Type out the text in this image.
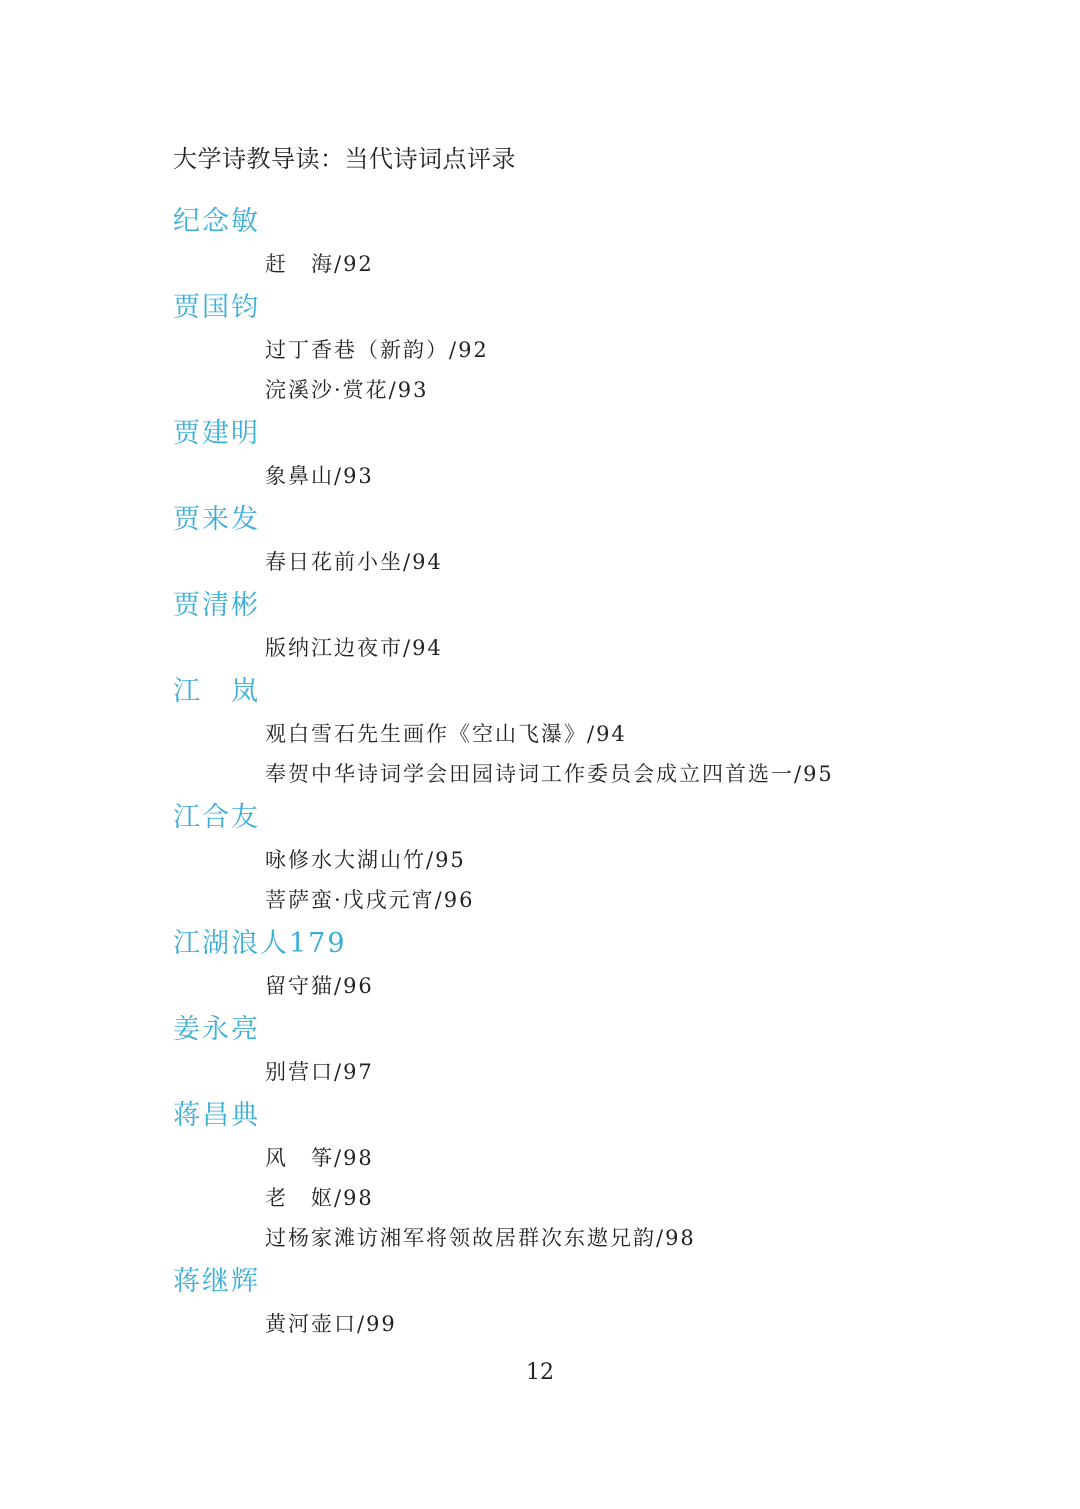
大学诗教导读：当代诗词点评录
纪念敏
赶　海/92
贾国钧
过丁香巷（新韵）/92
浣溪沙·赏花/93
贾建明
象鼻山/93
贾来发
春日花前小坐/94
贾清彬
版纳江边夜市/94
江　岚
观白雪石先生画作《空山飞瀑》/94
奉贺中华诗词学会田园诗词工作委员会成立四首选一/95
江合友
咏修水大湖山竹/95
菩萨蛮·戊戌元宵/96
江湖浪人179
留守猫/96
姜永亮
别营口/97
蒋昌典
风　筝/98
老　妪/98
过杨家滩访湘军将领故居群次东遨兄韵/98
蒋继辉
黄河壶口/99
12
